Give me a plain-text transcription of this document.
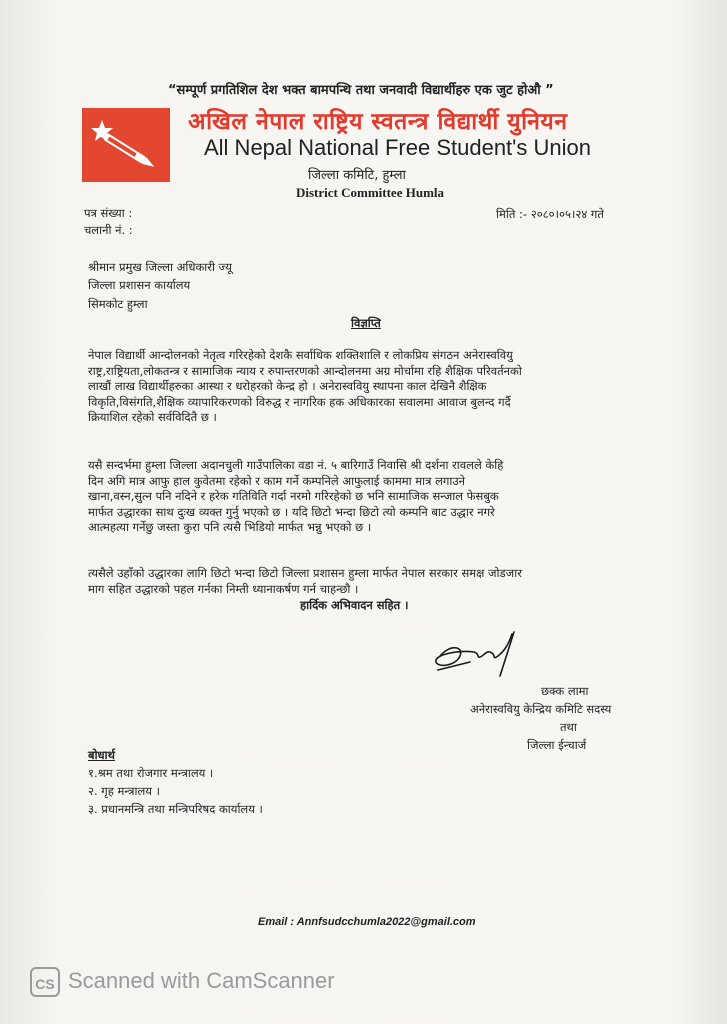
“सम्पूर्ण प्रगतिशिल देश भक्त बामपन्थि तथा जनवादी विद्यार्थीहरु एक जुट होऔ ”
अखिल नेपाल राष्ट्रिय स्वतन्त्र विद्यार्थी युनियन
All Nepal National Free Student's Union
जिल्ला कमिटि, हुम्ला
District Committee Humla
पत्र संख्या :
चलानी नं. :
मिति :- २०८०।०५।२४ गते
श्रीमान प्रमुख जिल्ला अधिकारी ज्यू
जिल्ला प्रशासन कार्यालय
सिमकोट हुम्ला
विज्ञप्ति
नेपाल विद्यार्थी आन्दोलनको नेतृत्व गरिरहेको देशकै सर्वाधिक शक्तिशालि र लोकप्रिय संगठन अनेरास्ववियु
राष्ट्र,राष्ट्रियता,लोकतन्त्र र सामाजिक न्याय र रुपान्तरणको आन्दोलनमा अग्र मोर्चामा रहि शैक्षिक परिवर्तनको
लाखौं लाख विद्यार्थीहरुका आस्था र धरोहरको केन्द्र हो । अनेरास्ववियु स्थापना काल देखिनै शैक्षिक
विकृति,विसंगति,शैक्षिक व्यापारिकरणको विरुद्ध र नागरिक हक अधिकारका सवालमा आवाज बुलन्द गर्दै
क्रियाशिल रहेको सर्वविदितै छ ।
यसै सन्दर्भमा हुम्ला जिल्ला अदानचुली गाउँपालिका वडा नं. ५ बारिगाउँ निवासि श्री दर्शना रावलले केहि
दिन अगि मात्र आफु हाल कुवेतमा रहेको र काम गर्ने कम्पनिले आफुलाई काममा मात्र लगाउने
खाना,वस्न,सुत्न पनि नदिने र हरेक गतिविति गर्दा नरमाे गरिरहेको छ भनि सामाजिक सन्जाल फेसबुक
मार्फत उद्धारका साथ दुःख व्यक्त गुर्नु भएको छ । यदि छिटो भन्दा छिटो त्यो कम्पनि बाट उद्धार नगरे
आत्महत्या गर्नेछु जस्ता कुरा पनि त्यसै भिडियो मार्फत भन्नु भएको छ ।
त्यसैले उहाँको उद्धारका लागि छिटो भन्दा छिटो जिल्ला प्रशासन हुम्ला मार्फत नेपाल सरकार समक्ष जोडजार
माग सहित उद्धारको पहल गर्नका निम्ती ध्यानाकर्षण गर्न चाहन्छौ ।
हार्दिक अभिवादन सहित ।
छक्क लामा
अनेरास्ववियु केन्द्रिय कमिटि सदस्य
तथा
जिल्ला ईन्चार्ज
बोधार्थ
१.श्रम तथा रोजगार मन्त्रालय ।
२. गृह मन्त्रालय ।
३. प्रधानमन्त्रि तथा मन्त्रिपरिषद कार्यालय ।
Email : Annfsudcchumla2022@gmail.com
CS Scanned with CamScanner
